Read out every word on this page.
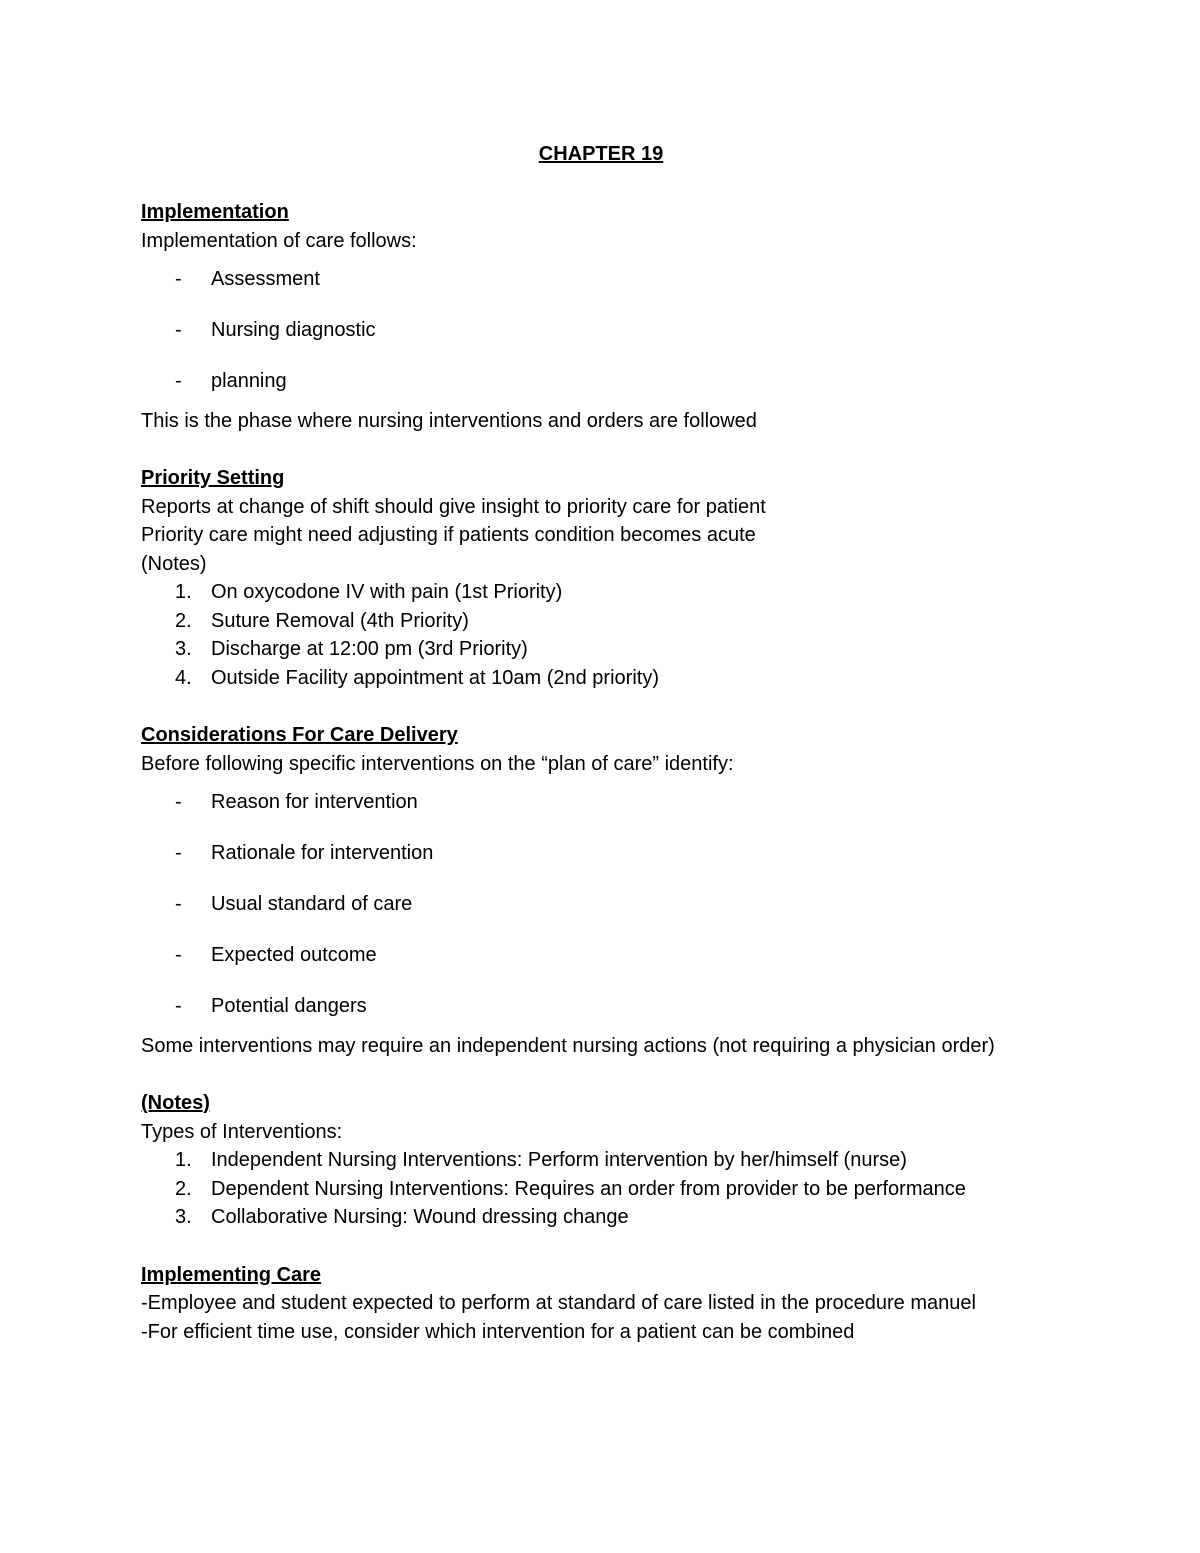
CHAPTER 19

Implementation

Implementation of care follows:

- Assessment
- Nursing diagnostic
- planning

This is the phase where nursing interventions and orders are followed

Priority Setting

Reports at change of shift should give insight to priority care for patient

Priority care might need adjusting if patients condition becomes acute

(Notes)

1. On oxycodone IV with pain (1st Priority)
2. Suture Removal (4th Priority)
3. Discharge at 12:00 pm (3rd Priority)
4. Outside Facility appointment at 10am (2nd priority)

Considerations For Care Delivery

Before following specific interventions on the “plan of care” identify:

- Reason for intervention
- Rationale for intervention
- Usual standard of care
- Expected outcome
- Potential dangers

Some interventions may require an independent nursing actions (not requiring a physician order)

(Notes)

Types of Interventions:

1. Independent Nursing Interventions: Perform intervention by her/himself (nurse)
2. Dependent Nursing Interventions: Requires an order from provider to be performance
3. Collaborative Nursing: Wound dressing change

Implementing Care

-Employee and student expected to perform at standard of care listed in the procedure manuel

-For efficient time use, consider which intervention for a patient can be combined
